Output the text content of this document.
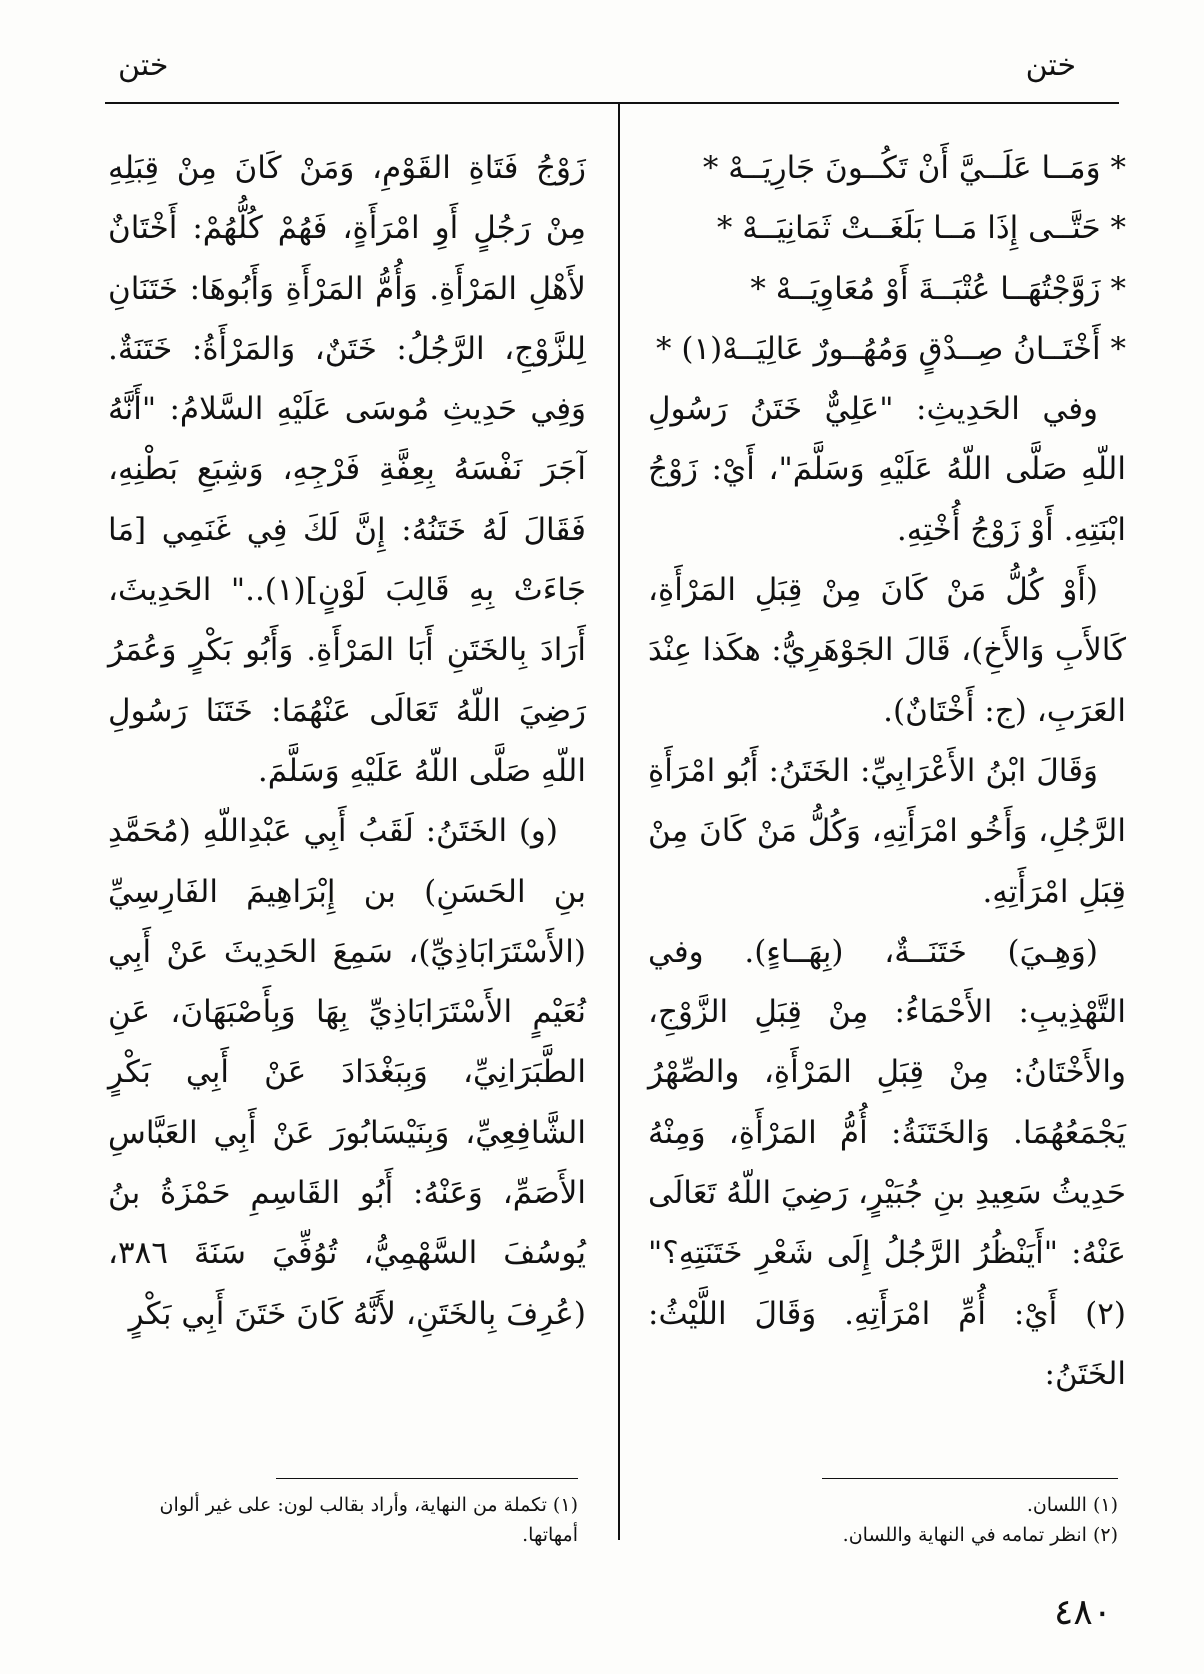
ختن
ختن

* وَمَــا عَلَــيَّ أَنْ تَكُــونَ جَارِيَــهْ *

* حَتَّــى إِذَا مَــا بَلَغَــتْ ثَمَانِيَــهْ *

* زَوَّجْتُهَــا عُتْبَــةَ أَوْ مُعَاوِيَــهْ *

* أَخْتَــانُ صِــدْقٍ وَمُهُــورٌ عَالِيَــهْ(١) *

وفي الحَدِيثِ: "عَلِيٌّ خَتَنُ رَسُولِ اللّهِ صَلَّى اللّهُ عَلَيْهِ وَسَلَّمَ"، أَيْ: زَوْجُ ابْنَتِهِ. أَوْ زَوْجُ أُخْتِهِ.

(أَوْ كُلُّ مَنْ كَانَ مِنْ قِبَلِ المَرْأَةِ، كَالأَبِ وَالأَخِ)، قَالَ الجَوْهَرِيُّ: هكَذا عِنْدَ العَرَبِ، (ج: أَخْتَانٌ).

وَقَالَ ابْنُ الأَعْرَابِيِّ: الخَتَنُ: أَبُو امْرَأَةِ الرَّجُلِ، وَأَخُو امْرَأَتِهِ، وَكُلُّ مَنْ كَانَ مِنْ قِبَلِ امْرَأَتِهِ.

(وَهِـيَ) خَتَنَــةٌ، (بِهَــاءٍ). وفي التَّهْذِيبِ: الأَحْمَاءُ: مِنْ قِبَلِ الزَّوْجِ، والأَخْتَانُ: مِنْ قِبَلِ المَرْأَةِ، والصِّهْرُ يَجْمَعُهُمَا. وَالخَتَنَةُ: أُمُّ المَرْأَةِ، وَمِنْهُ حَدِيثُ سَعِيدِ بنِ جُبَيْرٍ، رَضِيَ اللّهُ تَعَالَى عَنْهُ: "أَيَنْظُرُ الرَّجُلُ إِلَى شَعْرِ خَتَنَتِهِ؟"(٢) أَيْ: أُمِّ امْرَأَتِهِ. وَقَالَ اللَّيْثُ: الخَتَنُ:

زَوْجُ فَتَاةِ القَوْمِ، وَمَنْ كَانَ مِنْ قِبَلِهِ مِنْ رَجُلٍ أَوِ امْرَأَةٍ، فَهُمْ كُلُّهُمْ: أَخْتَانٌ لأَهْلِ المَرْأَةِ. وَأُمُّ المَرْأَةِ وَأَبُوهَا: خَتَنَانِ لِلزَّوْجِ، الرَّجُلُ: خَتَنٌ، وَالمَرْأَةُ: خَتَنَةٌ. وَفِي حَدِيثِ مُوسَى عَلَيْهِ السَّلامُ: "أَنَّهُ آجَرَ نَفْسَهُ بِعِفَّةِ فَرْجِهِ، وَشِبَعِ بَطْنِهِ، فَقَالَ لَهُ خَتَنُهُ: إِنَّ لَكَ فِي غَنَمِي [مَا جَاءَتْ بِهِ قَالِبَ لَوْنٍ](١).." الحَدِيثَ، أَرَادَ بِالخَتَنِ أَبَا المَرْأَةِ. وَأَبُو بَكْرٍ وَعُمَرُ رَضِيَ اللّهُ تَعَالَى عَنْهُمَا: خَتَنَا رَسُولِ اللّهِ صَلَّى اللّهُ عَلَيْهِ وَسَلَّمَ.

(و) الخَتَنُ: لَقَبُ أَبِي عَبْدِاللّهِ (مُحَمَّدِ بنِ الحَسَنِ) بن إِبْرَاهِيمَ الفَارِسِيِّ (الأَسْتَرَابَاذِيِّ)، سَمِعَ الحَدِيثَ عَنْ أَبِي نُعَيْمٍ الأَسْتَرَابَاذِيِّ بِهَا وَبِأَصْبَهَانَ، عَنِ الطَّبَرَانِيِّ، وَبِبَغْدَادَ عَنْ أَبِي بَكْرٍ الشَّافِعِيِّ، وَبِنَيْسَابُورَ عَنْ أَبِي العَبَّاسِ الأَصَمِّ، وَعَنْهُ: أَبُو القَاسِمِ حَمْزَةُ بنُ يُوسُفَ السَّهْمِيُّ، تُوُفِّيَ سَنَةَ ٣٨٦، (عُرِفَ بِالخَتَنِ، لأَنَّهُ كَانَ خَتَنَ أَبِي بَكْرٍ

(١) اللسان.

(٢) انظر تمامه في النهاية واللسان.

(١) تكملة من النهاية، وأراد بقالب لون: على غير ألوان أمهاتها.

٤٨٠
